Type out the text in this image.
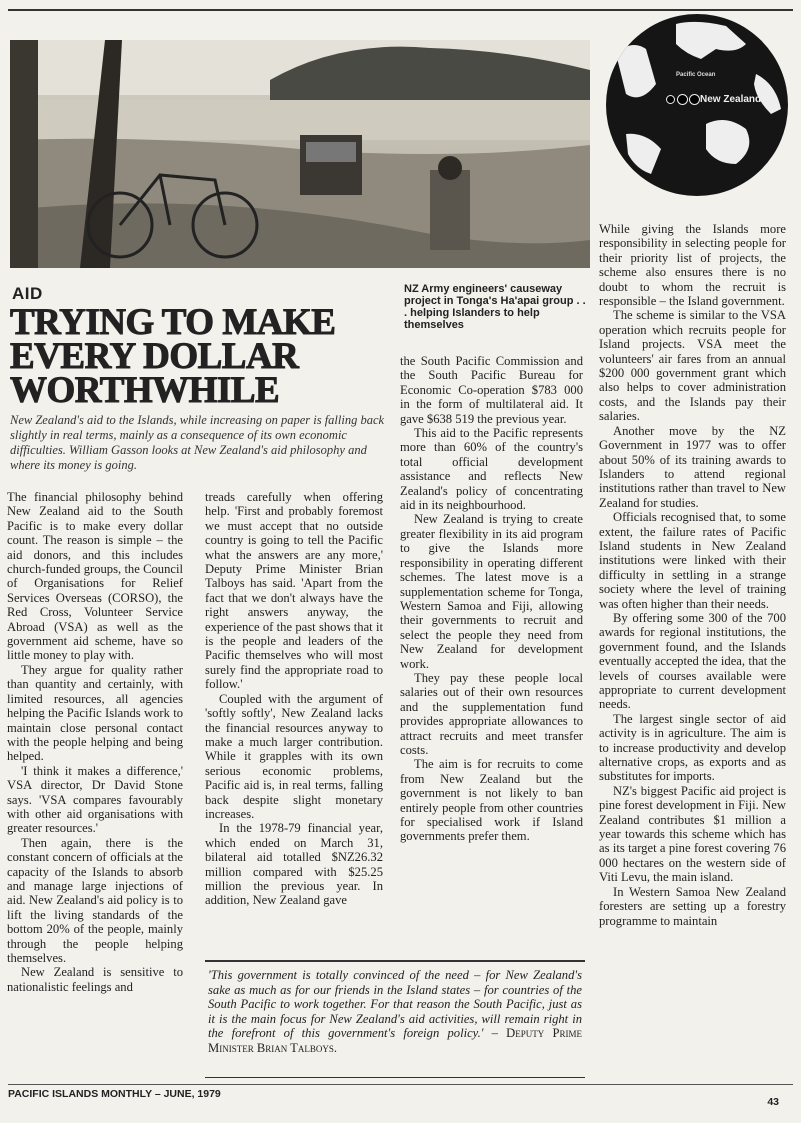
Pacific Ocean
New Zealand
AID
TRYING TO MAKE
EVERY DOLLAR
WORTHWHILE
New Zealand's aid to the Islands, while increasing on paper is falling back slightly in real terms, mainly as a consequence of its own economic difficulties. William Gasson looks at New Zealand's aid philosophy and where its money is going.
NZ Army engineers' causeway project in Tonga's Ha'apai group . . . helping Islanders to help themselves

The financial philosophy behind New Zealand aid to the South Pacific is to make every dollar count. The reason is simple – the aid donors, and this includes church-funded groups, the Council of Organisations for Relief Services Overseas (CORSO), the Red Cross, Volunteer Service Abroad (VSA) as well as the government aid scheme, have so little money to play with.

They argue for quality rather than quantity and certainly, with limited resources, all agencies helping the Pacific Islands work to maintain close personal contact with the people helping and being helped.

'I think it makes a difference,' VSA director, Dr David Stone says. 'VSA compares favourably with other aid organisations with greater resources.'

Then again, there is the constant concern of officials at the capacity of the Islands to absorb and manage large injections of aid. New Zealand's aid policy is to lift the living standards of the bottom 20% of the people, mainly through the people helping themselves.

New Zealand is sensitive to nationalistic feelings and

treads carefully when offering help. 'First and probably foremost we must accept that no outside country is going to tell the Pacific what the answers are any more,' Deputy Prime Minister Brian Talboys has said. 'Apart from the fact that we don't always have the right answers anyway, the experience of the past shows that it is the people and leaders of the Pacific themselves who will most surely find the appropriate road to follow.'

Coupled with the argument of 'softly softly', New Zealand lacks the financial resources anyway to make a much larger contribution. While it grapples with its own serious economic problems, Pacific aid is, in real terms, falling back despite slight monetary increases.

In the 1978-79 financial year, which ended on March 31, bilateral aid totalled $NZ26.32 million compared with $25.25 million the previous year. In addition, New Zealand gave

the South Pacific Commission and the South Pacific Bureau for Economic Co-operation $783 000 in the form of multilateral aid. It gave $638 519 the previous year.

This aid to the Pacific represents more than 60% of the country's total official development assistance and reflects New Zealand's policy of concentrating aid in its neighbourhood.

New Zealand is trying to create greater flexibility in its aid program to give the Islands more responsibility in operating different schemes. The latest move is a supplementation scheme for Tonga, Western Samoa and Fiji, allowing their governments to recruit and select the people they need from New Zealand for development work.

They pay these people local salaries out of their own resources and the supplementation fund provides appropriate allowances to attract recruits and meet transfer costs.

The aim is for recruits to come from New Zealand but the government is not likely to ban entirely people from other countries for specialised work if Island governments prefer them.

While giving the Islands more responsibility in selecting people for their priority list of projects, the scheme also ensures there is no doubt to whom the recruit is responsible – the Island government.

The scheme is similar to the VSA operation which recruits people for Island projects. VSA meet the volunteers' air fares from an annual $200 000 government grant which also helps to cover administration costs, and the Islands pay their salaries.

Another move by the NZ Government in 1977 was to offer about 50% of its training awards to Islanders to attend regional institutions rather than travel to New Zealand for studies.

Officials recognised that, to some extent, the failure rates of Pacific Island students in New Zealand institutions were linked with their difficulty in settling in a strange society where the level of training was often higher than their needs.

By offering some 300 of the 700 awards for regional institutions, the government found, and the Islands eventually accepted the idea, that the levels of courses available were appropriate to current development needs.

The largest single sector of aid activity is in agriculture. The aim is to increase productivity and develop alternative crops, as exports and as substitutes for imports.

NZ's biggest Pacific aid project is pine forest development in Fiji. New Zealand contributes $1 million a year towards this scheme which has as its target a pine forest covering 76 000 hectares on the western side of Viti Levu, the main island.

In Western Samoa New Zealand foresters are setting up a forestry programme to maintain

'This government is totally convinced of the need – for New Zealand's sake as much as for our friends in the Island states – for countries of the South Pacific to work together. For that reason the South Pacific, just as it is the main focus for New Zealand's aid activities, will remain right in the forefront of this government's foreign policy.' – Deputy Prime Minister Brian Talboys.
PACIFIC ISLANDS MONTHLY – JUNE, 1979
43
